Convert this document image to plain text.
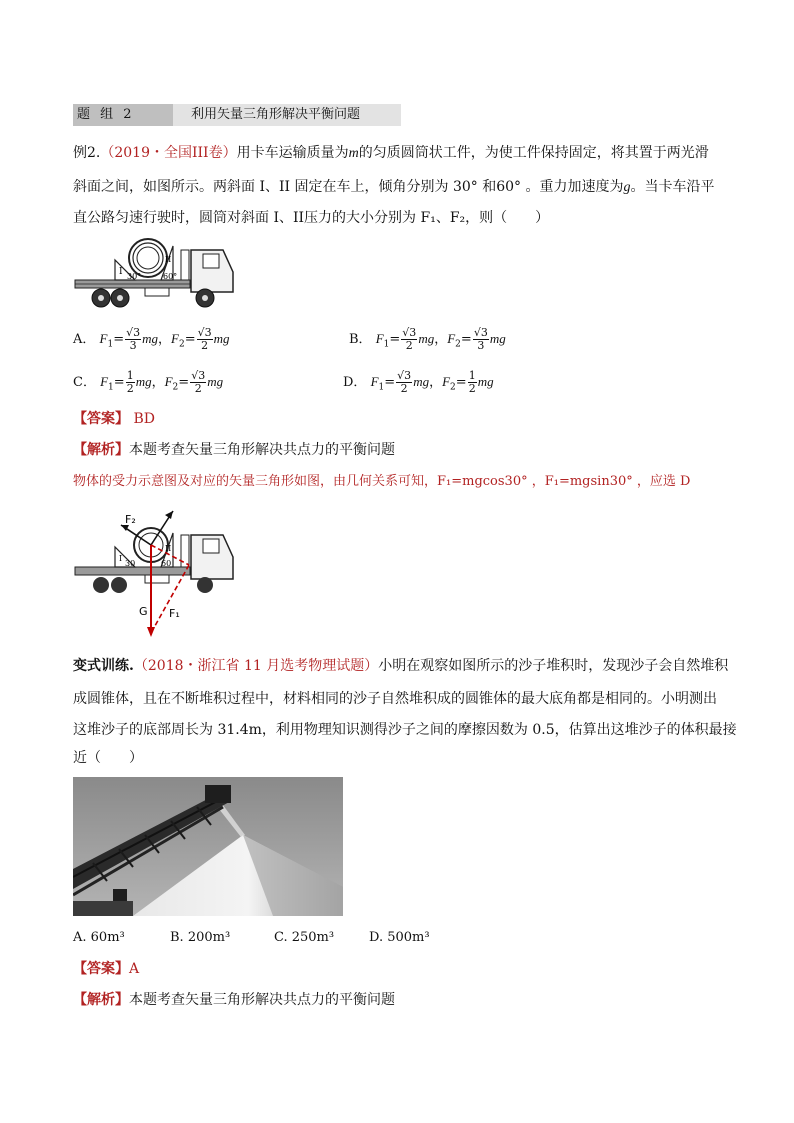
题 组 2	利用矢量三角形解决平衡问题
例2.（2019・全国III卷）用卡车运输质量为m的匀质圆筒状工件，为使工件保持固定，将其置于两光滑
斜面之间，如图所示。两斜面 I、II 固定在车上，倾角分别为 30° 和60° 。重力加速度为g。当卡车沿平
直公路匀速行驶时，圆筒对斜面 I、II压力的大小分别为 F₁、F₂，则（　　）
I
II
30°	60°
A． $F_1= \frac{√3}{3}$ mg，$F_2= \frac{√3}{2}$ mg	B． $F_1= \frac{√3}{2}$ mg，$F_2= \frac{√3}{3}$ mg
C． $F_1= \frac{1}{2}$ mg，$F_2= \frac{√3}{2}$ mg	D． $F_1= \frac{√3}{2}$ mg，$F_2= \frac{1}{2}$ mg
【答案】 BD
【解析】本题考查矢量三角形解决共点力的平衡问题
物体的受力示意图及对应的矢量三角形如图，由几何关系可知，F₁=mgcos30° ，F₁=mgsin30° ，应选 D
F₂
G F₁
I
II
30	60
变式训练.（2018・浙江省 11 月选考物理试题）小明在观察如图所示的沙子堆积时，发现沙子会自然堆积
成圆锥体，且在不断堆积过程中，材料相同的沙子自然堆积成的圆锥体的最大底角都是相同的。小明测出
这堆沙子的底部周长为 31.4m，利用物理知识测得沙子之间的摩擦因数为 0.5，估算出这堆沙子的体积最接
近（　　）
A. 60m³	B. 200m³	C. 250m³	D. 500m³
【答案】A
【解析】本题考查矢量三角形解决共点力的平衡问题
